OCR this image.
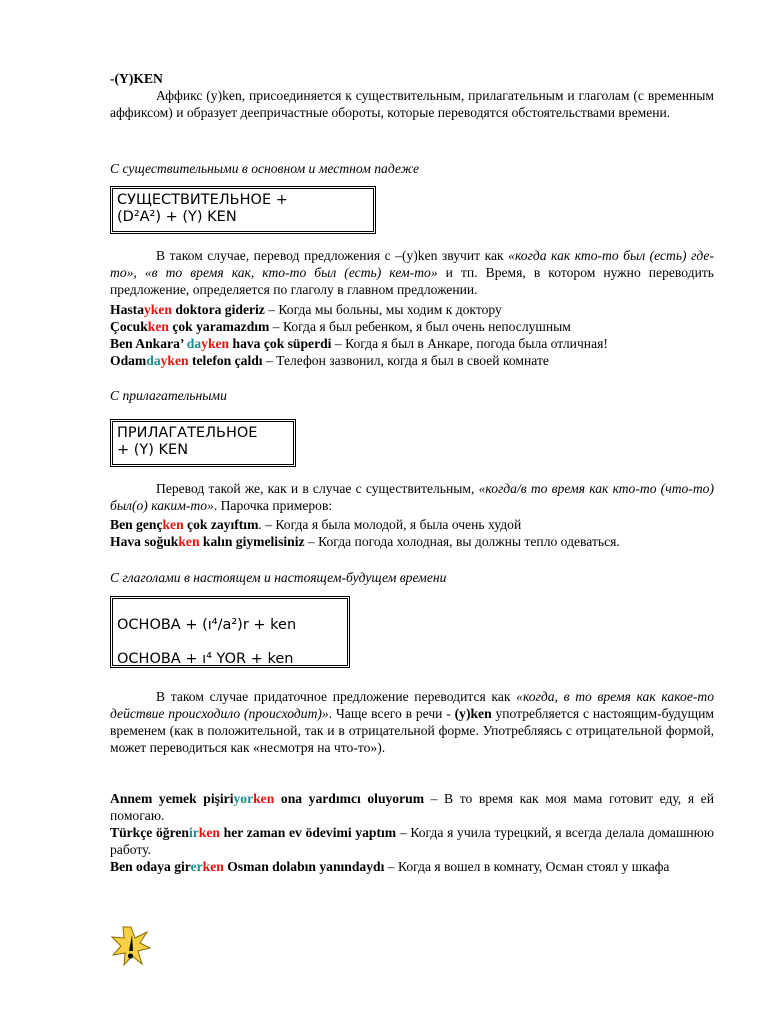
-(Y)KEN
Аффикс (y)ken, присоединяется к существительным, прилагательным и глаголам (с временным аффиксом) и образует деепричастные обороты, которые переводятся обстоятельствами времени.
С существительными в основном и местном падеже
СУЩЕСТВИТЕЛЬНОЕ +
(D²A²) + (Y) KEN
В таком случае, перевод предложения с –(y)ken звучит как «когда как кто-то был (есть) где-то», «в то время как, кто-то был (есть) кем-то» и тп. Время, в котором нужно переводить предложение, определяется по глаголу в главном предложении.
Hastayken doktora gideriz – Когда мы больны, мы ходим к доктору
Çocukken çok yaramazdım – Когда я был ребенком, я был очень непослушным
Ben Ankara’ dayken hava çok süperdi – Когда я был в Анкаре, погода была отличная!
Odamdayken telefon çaldı – Телефон зазвонил, когда я был в своей комнате
С прилагательными
ПРИЛАГАТЕЛЬНОЕ
+ (Y) KEN
Перевод такой же, как и в случае с существительным, «когда/в то время как кто-то (что-то) был(о) каким-то». Парочка примеров:
Ben gençken çok zayıftım. – Когда я была молодой, я была очень худой
Hava soğukken kalın giymelisiniz – Когда погода холодная, вы должны тепло одеваться.
С глаголами в настоящем и настоящем-будущем времени
ОСНОВА + (ı⁴/a²)r + ken
ОСНОВА + ı⁴ YOR + ken
В таком случае придаточное предложение переводится как «когда, в то время как какое-то действие происходило (происходит)». Чаще всего в речи - (y)ken употребляется с настоящим-будущим временем (как в положительной, так и в отрицательной форме. Употребляясь с отрицательной формой, может переводиться как «несмотря на что-то»).
Annem yemek pişiriyorken ona yardımcı oluyorum – В то время как моя мама готовит еду, я ей помогаю.
Türkçe öğrenirken her zaman ev ödevimi yaptım – Когда я учила турецкий, я всегда делала домашнюю работу.
Ben odaya girerken Osman dolabın yanındaydı – Когда я вошел в комнату, Осман стоял у шкафа
